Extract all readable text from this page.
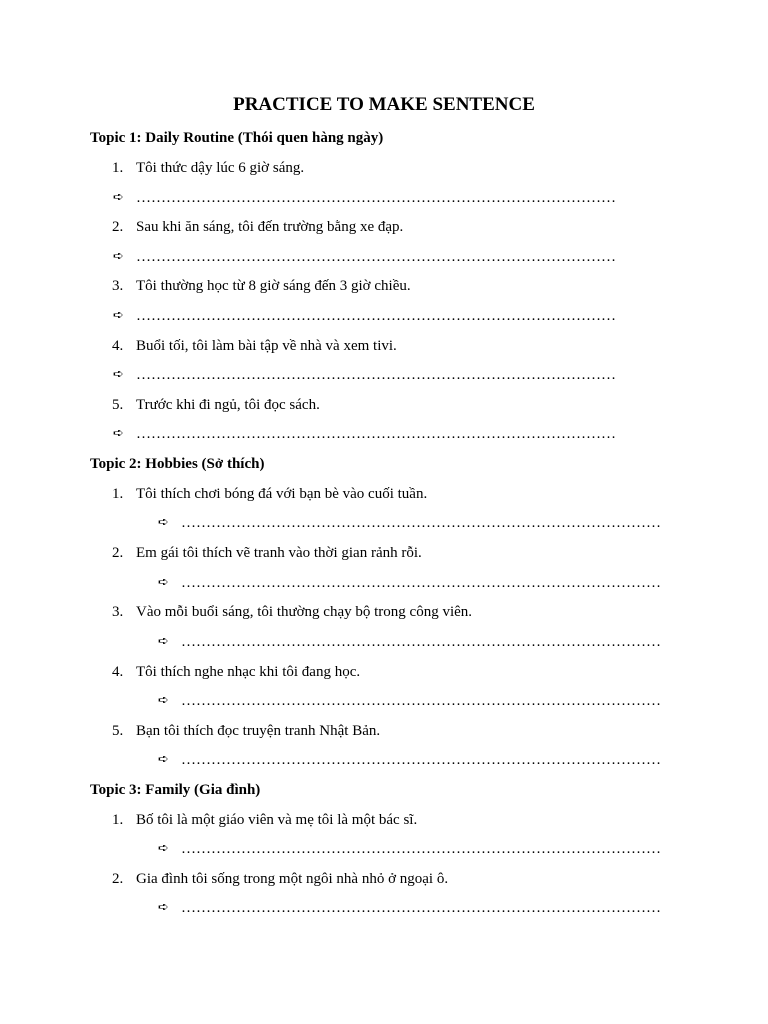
PRACTICE TO MAKE SENTENCE
Topic 1: Daily Routine (Thói quen hàng ngày)
1. Tôi thức dậy lúc 6 giờ sáng.
➪ ……………………………………………………………………………………
2. Sau khi ăn sáng, tôi đến trường bằng xe đạp.
➪ ……………………………………………………………………………………
3. Tôi thường học từ 8 giờ sáng đến 3 giờ chiều.
➪ ……………………………………………………………………………………
4. Buổi tối, tôi làm bài tập về nhà và xem tivi.
➪ ……………………………………………………………………………………
5. Trước khi đi ngủ, tôi đọc sách.
➪ ……………………………………………………………………………………
Topic 2: Hobbies (Sở thích)
1. Tôi thích chơi bóng đá với bạn bè vào cuối tuần.
➪ ……………………………………………………………………………………
2. Em gái tôi thích vẽ tranh vào thời gian rảnh rỗi.
➪ ……………………………………………………………………………………
3. Vào mỗi buổi sáng, tôi thường chạy bộ trong công viên.
➪ ……………………………………………………………………………………
4. Tôi thích nghe nhạc khi tôi đang học.
➪ ……………………………………………………………………………………
5. Bạn tôi thích đọc truyện tranh Nhật Bản.
➪ ……………………………………………………………………………………
Topic 3: Family (Gia đình)
1. Bố tôi là một giáo viên và mẹ tôi là một bác sĩ.
➪ ……………………………………………………………………………………
2. Gia đình tôi sống trong một ngôi nhà nhỏ ở ngoại ô.
➪ ……………………………………………………………………………………
